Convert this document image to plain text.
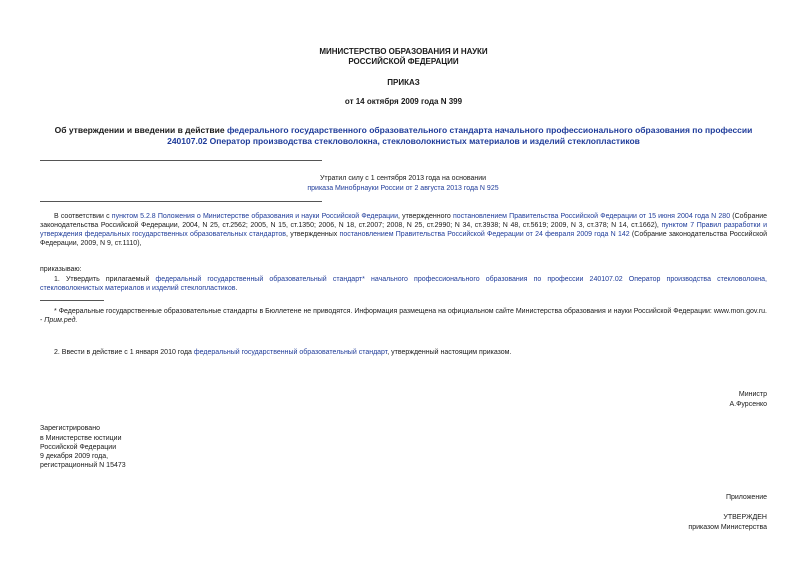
МИНИСТЕРСТВО ОБРАЗОВАНИЯ И НАУКИ
РОССИЙСКОЙ ФЕДЕРАЦИИ
ПРИКАЗ
от 14 октября 2009 года N 399
Об утверждении и введении в действие федерального государственного образовательного стандарта начального профессионального образования по профессии 240107.02 Оператор производства стекловолокна, стекловолокнистых материалов и изделий стеклопластиков
Утратил силу с 1 сентября 2013 года на основании
приказа Минобрнауки России от 2 августа 2013 года N 925
В соответствии с пунктом 5.2.8 Положения о Министерстве образования и науки Российской Федерации, утвержденного постановлением Правительства Российской Федерации от 15 июня 2004 года N 280 (Собрание законодательства Российской Федерации, 2004, N 25, ст.2562; 2005, N 15, ст.1350; 2006, N 18, ст.2007; 2008, N 25, ст.2990; N 34, ст.3938; N 48, ст.5619; 2009, N 3, ст.378; N 14, ст.1662), пунктом 7 Правил разработки и утверждения федеральных государственных образовательных стандартов, утвержденных постановлением Правительства Российской Федерации от 24 февраля 2009 года N 142 (Собрание законодательства Российской Федерации, 2009, N 9, ст.1110),
приказываю:
1. Утвердить прилагаемый федеральный государственный образовательный стандарт* начального профессионального образования по профессии 240107.02 Оператор производства стекловолокна, стекловолокнистых материалов и изделий стеклопластиков.
* Федеральные государственные образовательные стандарты в Бюллетене не приводятся. Информация размещена на официальном сайте Министерства образования и науки Российской Федерации: www.mon.gov.ru. - Прим.ред.
2. Ввести в действие с 1 января 2010 года федеральный государственный образовательный стандарт, утвержденный настоящим приказом.
Министр
А.Фурсенко
Зарегистрировано
в Министерстве юстиции
Российской Федерации
9 декабря 2009 года,
регистрационный N 15473
Приложение
УТВЕРЖДЕН
приказом Министерства
